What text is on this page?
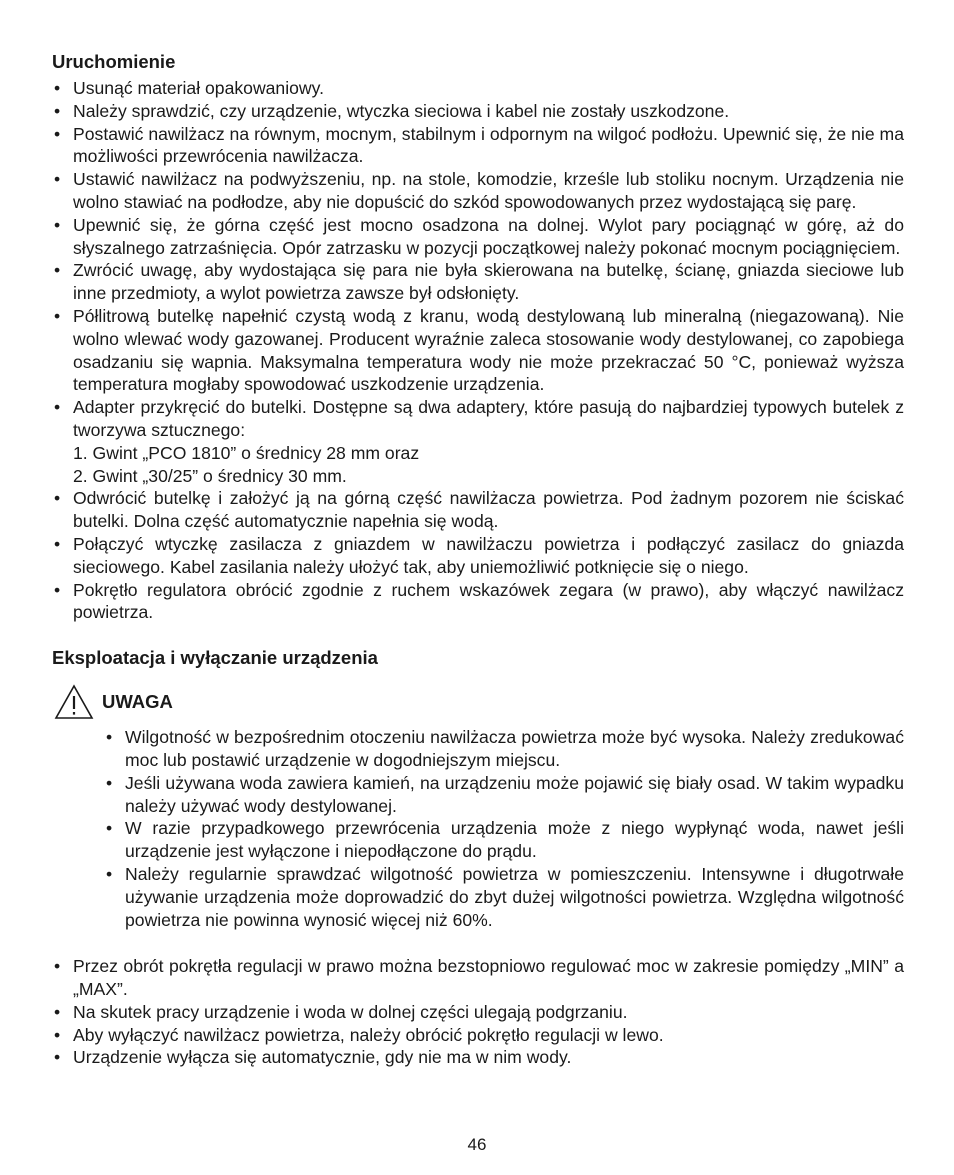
Uruchomienie
• Usunąć materiał opakowaniowy.
• Należy sprawdzić, czy urządzenie, wtyczka sieciowa i kabel nie zostały uszkodzone.
• Postawić nawilżacz na równym, mocnym, stabilnym i odpornym na wilgoć podłożu. Upewnić się, że nie ma możliwości przewrócenia nawilżacza.
• Ustawić nawilżacz na podwyższeniu, np. na stole, komodzie, krześle lub stoliku nocnym. Urządzenia nie wolno stawiać na podłodze, aby nie dopuścić do szkód spowodowanych przez wydostającą się parę.
• Upewnić się, że górna część jest mocno osadzona na dolnej. Wylot pary pociągnąć w górę, aż do słyszalnego zatrzaśnięcia. Opór zatrzasku w pozycji początkowej należy pokonać mocnym pociągnięciem.
• Zwrócić uwagę, aby wydostająca się para nie była skierowana na butelkę, ścianę, gniazda sieciowe lub inne przedmioty, a wylot powietrza zawsze był odsłonięty.
• Półlitrową butelkę napełnić czystą wodą z kranu, wodą destylowaną lub mineralną (niegazowaną). Nie wolno wlewać wody gazowanej. Producent wyraźnie zaleca stosowanie wody destylowanej, co zapobiega osadzaniu się wapnia. Maksymalna temperatura wody nie może przekraczać 50 °C, ponieważ wyższa temperatura mogłaby spowodować uszkodzenie urządzenia.
• Adapter przykręcić do butelki. Dostępne są dwa adaptery, które pasują do najbardziej typowych butelek z tworzywa sztucznego:
1. Gwint „PCO 1810” o średnicy 28 mm oraz
2. Gwint „30/25” o średnicy 30 mm.
• Odwrócić butelkę i założyć ją na górną część nawilżacza powietrza. Pod żadnym pozorem nie ściskać butelki. Dolna część automatycznie napełnia się wodą.
• Połączyć wtyczkę zasilacza z gniazdem w nawilżaczu powietrza i podłączyć zasilacz do gniazda sieciowego. Kabel zasilania należy ułożyć tak, aby uniemożliwić potknięcie się o niego.
• Pokrętło regulatora obrócić zgodnie z ruchem wskazówek zegara (w prawo), aby włączyć nawilżacz powietrza.
Eksploatacja i wyłączanie urządzenia
UWAGA
• Wilgotność w bezpośrednim otoczeniu nawilżacza powietrza może być wysoka. Należy zredukować moc lub postawić urządzenie w dogodniejszym miejscu.
• Jeśli używana woda zawiera kamień, na urządzeniu może pojawić się biały osad. W takim wypadku należy używać wody destylowanej.
• W razie przypadkowego przewrócenia urządzenia może z niego wypłynąć woda, nawet jeśli urządzenie jest wyłączone i niepodłączone do prądu.
• Należy regularnie sprawdzać wilgotność powietrza w pomieszczeniu. Intensywne i długotrwałe używanie urządzenia może doprowadzić do zbyt dużej wilgotności powietrza. Względna wilgotność powietrza nie powinna wynosić więcej niż 60%.
• Przez obrót pokrętła regulacji w prawo można bezstopniowo regulować moc w zakresie pomiędzy „MIN” a „MAX”.
• Na skutek pracy urządzenie i woda w dolnej części ulegają podgrzaniu.
• Aby wyłączyć nawilżacz powietrza, należy obrócić pokrętło regulacji w lewo.
• Urządzenie wyłącza się automatycznie, gdy nie ma w nim wody.
46
